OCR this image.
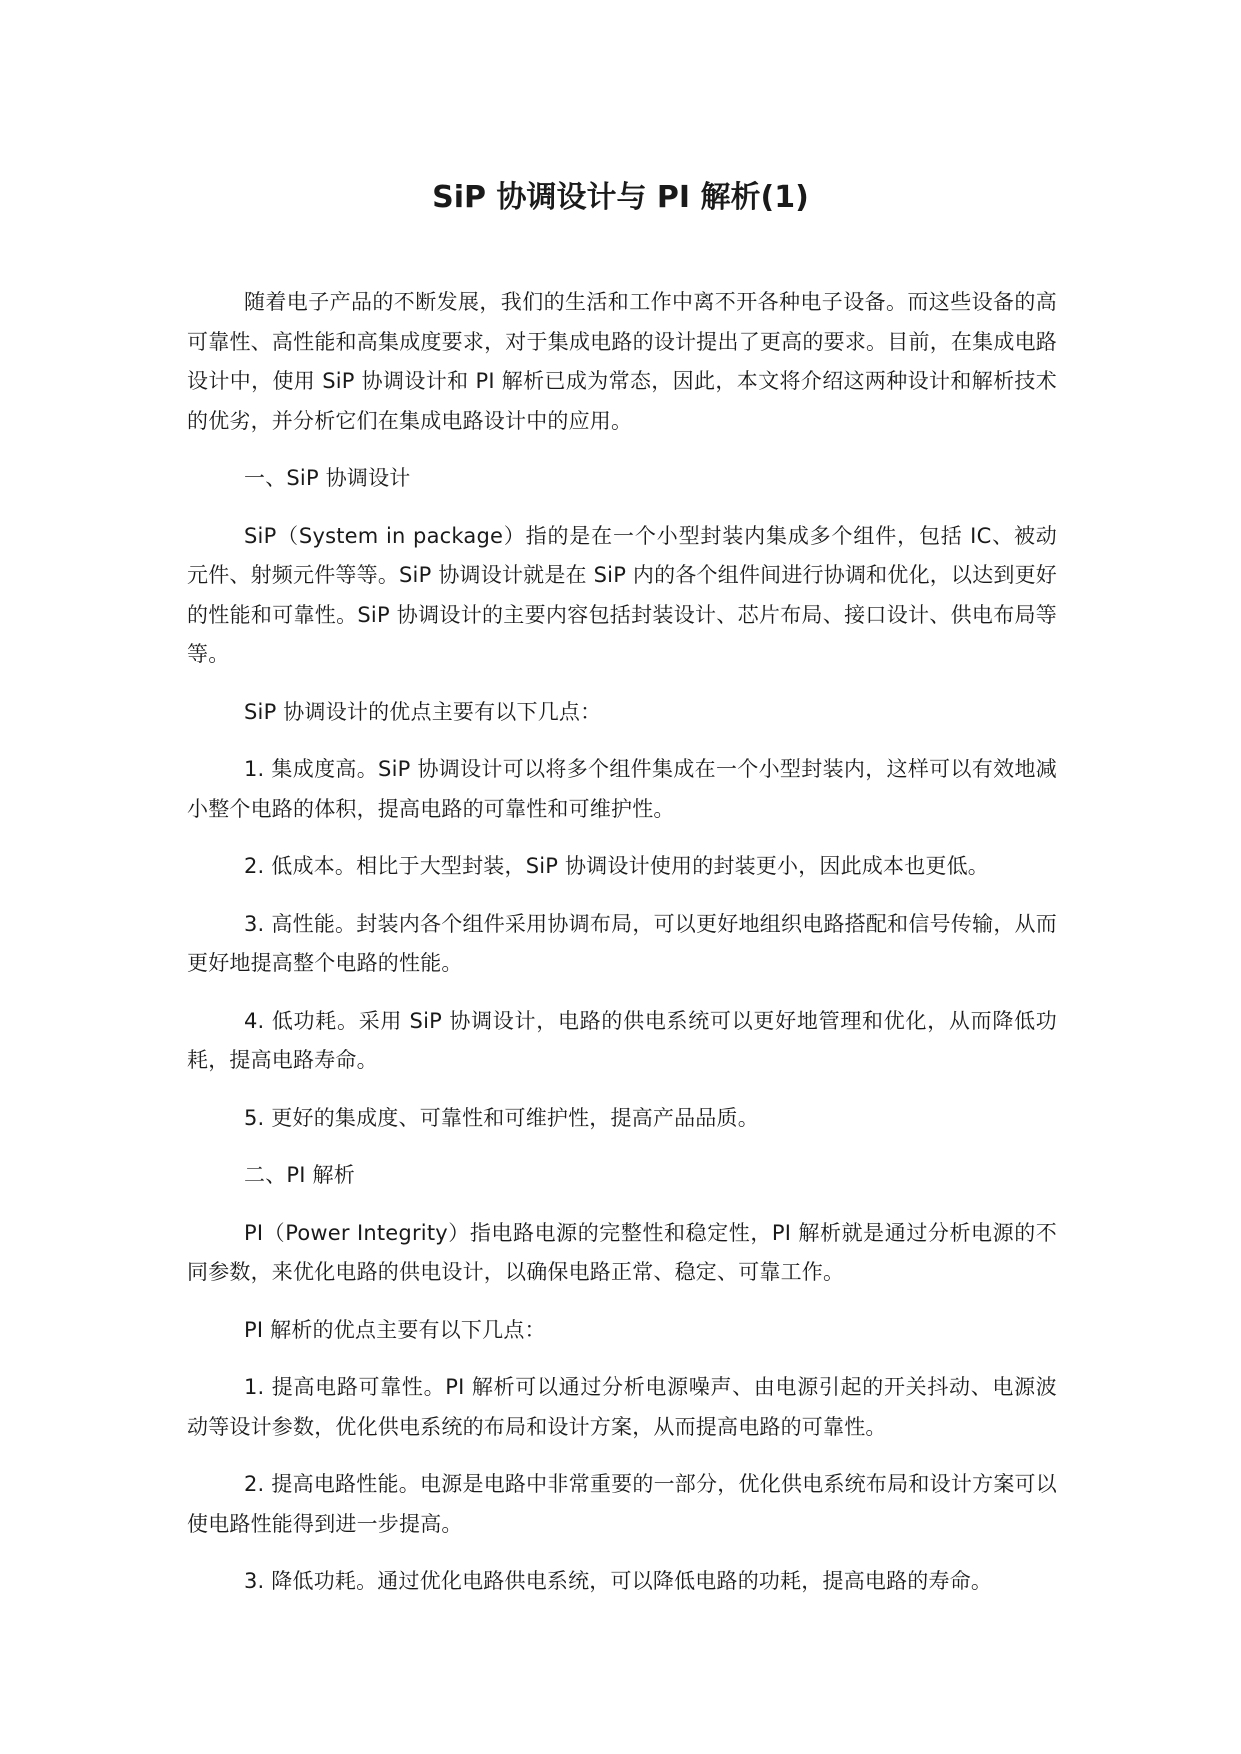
SiP 协调设计与 PI 解析(1)

随着电子产品的不断发展，我们的生活和工作中离不开各种电子设备。而这些设备的高可靠性、高性能和高集成度要求，对于集成电路的设计提出了更高的要求。目前，在集成电路设计中，使用 SiP 协调设计和 PI 解析已成为常态，因此，本文将介绍这两种设计和解析技术的优劣，并分析它们在集成电路设计中的应用。

一、SiP 协调设计

SiP（System in package）指的是在一个小型封装内集成多个组件，包括 IC、被动元件、射频元件等等。SiP 协调设计就是在 SiP 内的各个组件间进行协调和优化，以达到更好的性能和可靠性。SiP 协调设计的主要内容包括封装设计、芯片布局、接口设计、供电布局等等。

SiP 协调设计的优点主要有以下几点：

1. 集成度高。SiP 协调设计可以将多个组件集成在一个小型封装内，这样可以有效地减小整个电路的体积，提高电路的可靠性和可维护性。

2. 低成本。相比于大型封装，SiP 协调设计使用的封装更小，因此成本也更低。

3. 高性能。封装内各个组件采用协调布局，可以更好地组织电路搭配和信号传输，从而更好地提高整个电路的性能。

4. 低功耗。采用 SiP 协调设计，电路的供电系统可以更好地管理和优化，从而降低功耗，提高电路寿命。

5. 更好的集成度、可靠性和可维护性，提高产品品质。

二、PI 解析

PI（Power Integrity）指电路电源的完整性和稳定性，PI 解析就是通过分析电源的不同参数，来优化电路的供电设计，以确保电路正常、稳定、可靠工作。

PI 解析的优点主要有以下几点：

1. 提高电路可靠性。PI 解析可以通过分析电源噪声、由电源引起的开关抖动、电源波动等设计参数，优化供电系统的布局和设计方案，从而提高电路的可靠性。

2. 提高电路性能。电源是电路中非常重要的一部分，优化供电系统布局和设计方案可以使电路性能得到进一步提高。

3. 降低功耗。通过优化电路供电系统，可以降低电路的功耗，提高电路的寿命。
